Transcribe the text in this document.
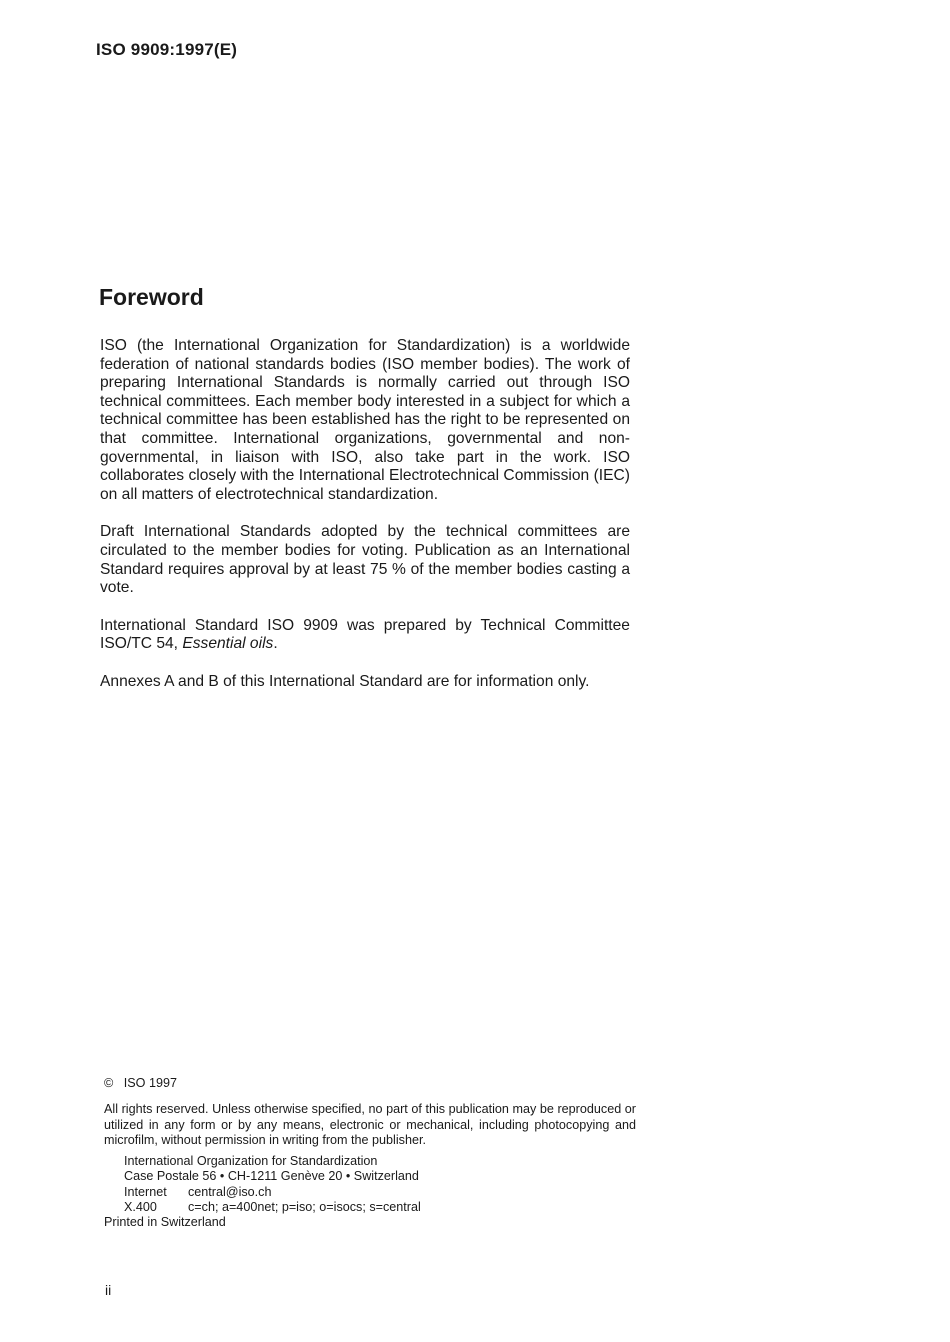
ISO 9909:1997(E)
Foreword

ISO (the International Organization for Standardization) is a worldwide federation of national standards bodies (ISO member bodies). The work of preparing International Standards is normally carried out through ISO technical committees. Each member body interested in a subject for which a technical committee has been established has the right to be represented on that committee. International organizations, governmental and non-governmental, in liaison with ISO, also take part in the work. ISO collaborates closely with the International Electrotechnical Commission (IEC) on all matters of electrotechnical standardization.

Draft International Standards adopted by the technical committees are circulated to the member bodies for voting. Publication as an International Standard requires approval by at least 75 % of the member bodies casting a vote.

International Standard ISO 9909 was prepared by Technical Committee ISO/TC 54, Essential oils.

Annexes A and B of this International Standard are for information only.

© ISO 1997
All rights reserved. Unless otherwise specified, no part of this publication may be reproduced or utilized in any form or by any means, electronic or mechanical, including photocopying and microfilm, without permission in writing from the publisher.
International Organization for Standardization
Case Postale 56 • CH-1211 Genève 20 • Switzerland
Internet central@iso.ch
X.400 c=ch; a=400net; p=iso; o=isocs; s=central
Printed in Switzerland
ii
